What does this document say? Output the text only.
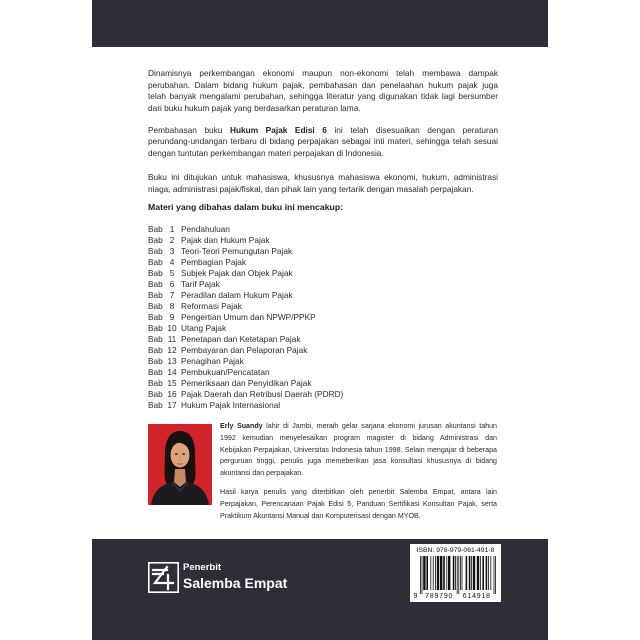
Dinamisnya perkembangan ekonomi maupun non-ekonomi telah membawa dampak
perubahan. Dalam bidang hukum pajak, pembahasan dan penelaahan hukum pajak juga
telah banyak mengalami perubahan, sehingga literatur yang digunakan tidak lagi bersumber
dari buku hukum pajak yang berdasarkan peraturan lama.
Pembahasan buku Hukum Pajak Edisi 6 ini telah disesuaikan dengan peraturan
perundang-undangan terbaru di bidang perpajakan sebagai inti materi, sehingga telah sesuai
dengan tuntutan perkembangan materi perpajakan di Indonesia.
Buku ini ditujukan untuk mahasiswa, khususnya mahasiswa ekonomi, hukum, administrasi
niaga, administrasi pajak/fiskal, dan pihak lain yang tertarik dengan masalah perpajakan.
Materi yang dibahas dalam buku ini mencakup:
Bab 1 Pendahuluan
Bab 2 Pajak dan Hukum Pajak
Bab 3 Teori-Teori Pemungutan Pajak
Bab 4 Pembagian Pajak
Bab 5 Subjek Pajak dan Objek Pajak
Bab 6 Tarif Pajak
Bab 7 Peradilan dalam Hukum Pajak
Bab 8 Reformasi Pajak
Bab 9 Pengertian Umum dan NPWP/PPKP
Bab 10 Utang Pajak
Bab 11 Penetapan dan Ketetapan Pajak
Bab 12 Pembayaran dan Pelaporan Pajak
Bab 13 Penagihan Pajak
Bab 14 Pembukuan/Pencatatan
Bab 15 Pemeriksaan dan Penyidikan Pajak
Bab 16 Pajak Daerah dan Retribusi Daerah (PDRD)
Bab 17 Hukum Pajak Internasional
Erly Suandy lahir di Jambi, meraih gelar sarjana ekonomi jurusan akuntansi tahun
1992 kemudian menyelesaikan program magister di bidang Administrasi dan
Kebijakan Perpajakan, Universitas Indonesia tahun 1998. Selain mengajar di beberapa
perguruan tinggi, penulis juga memeberikan jasa konsultasi khususnya di bidang
akuntansi dan perpajakan.
Hasil karya penulis yang diterbitkan oleh penerbit Salemba Empat, antara lain
Perpajakan, Perencanaan Pajak Edisi 5, Panduan Sertifikasi Konsultan Pajak, serta
Praktikum Akuntansi Manual dan Komputerisasi dengan MYOB.
Penerbit
Salemba Empat
ISBN: 978-979-061-491-8
9	789790	614918
